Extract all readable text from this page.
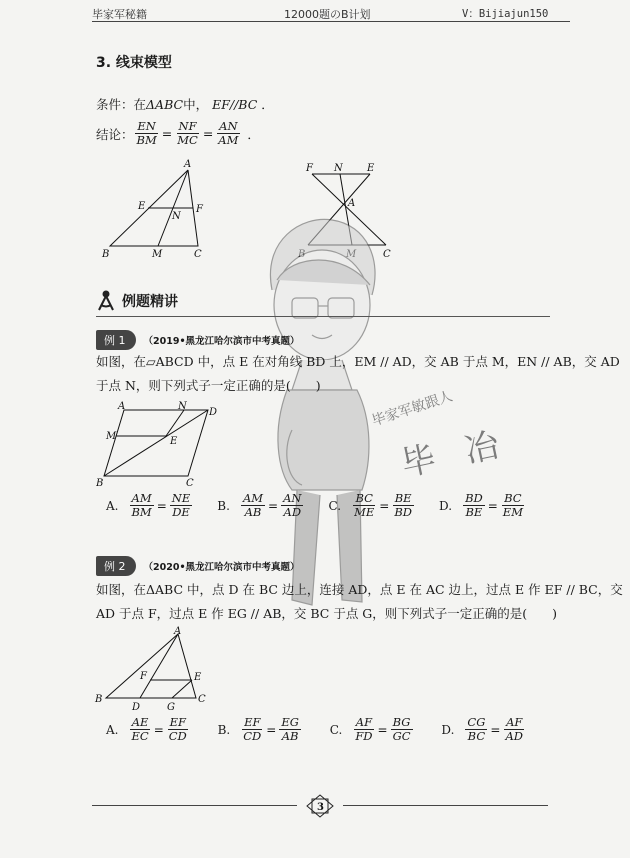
毕家军秘籍	12000题のB计划	V：Bijiajun150
3. 线束模型
条件：在ΔABC中， EF//BC ．
结论： $\frac{EN}{BM} = \frac{NF}{MC} = \frac{AN}{AM}$ ．
A
E	F
N
B	M	C
F N E
A
C
毕家军敏跟人
毕 冶
例题精讲
例 1	（2019•黑龙江哈尔滨市中考真题）
如图，在▱ABCD 中，点 E 在对角线 BD 上，EM // AD，交 AB 于点 M，EN // AB，交 AD
于点 N，则下列式子一定正确的是(　　)
A	N
D
M	E
B	C
A. $\frac{AM}{BM} = \frac{NE}{DE} B$. $\frac{AM}{AB} = \frac{AN}{AD} C$. $\frac{BC}{ME} = \frac{BE}{BD} D$. $\frac{BD}{BE} = \frac{BC}{EM}$
例 2	（2020•黑龙江哈尔滨市中考真题）
如图，在ΔABC 中，点 D 在 BC 边上，连接 AD，点 E 在 AC 边上，过点 E 作 EF // BC，交
AD 于点 F，过点 E 作 EG // AB，交 BC 于点 G，则下列式子一定正确的是(　　)
A
F	E
B
D	G
C
A. $\frac{AE}{EC} = \frac{EF}{CD} B$. $\frac{EF}{CD} = \frac{EG}{AB} C$. $\frac{AF}{FD} = \frac{BG}{GC} D$. $\frac{CG}{BC} = \frac{AF}{AD}$
3
